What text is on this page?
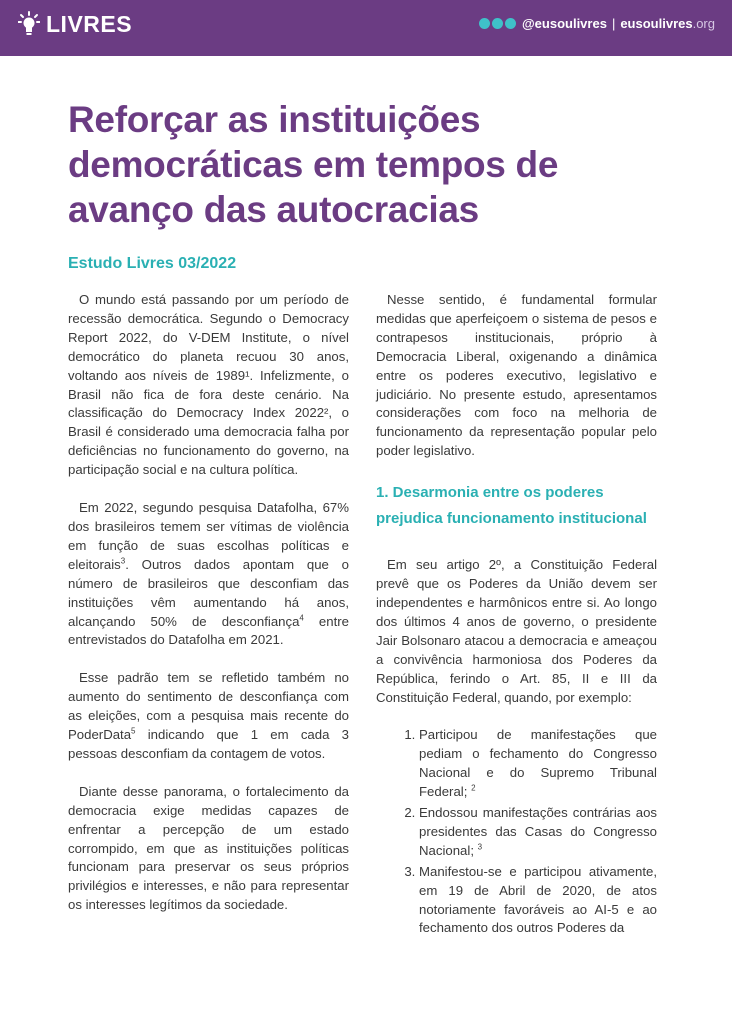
LIVRES	@eusoulivres | eusoulivres.org
Reforçar as instituições democráticas em tempos de avanço das autocracias
Estudo Livres 03/2022

O mundo está passando por um período de recessão democrática. Segundo o Democracy Report 2022, do V-DEM Institute, o nível democrático do planeta recuou 30 anos, voltando aos níveis de 1989¹. Infelizmente, o Brasil não fica de fora deste cenário. Na classificação do Democracy Index 2022², o Brasil é considerado uma democracia falha por deficiências no funcionamento do governo, na participação social e na cultura política.

Em 2022, segundo pesquisa Datafolha, 67% dos brasileiros temem ser vítimas de violência em função de suas escolhas políticas e eleitorais$^3$. Outros dados apontam que o número de brasileiros que desconfiam das instituições vêm aumentando há anos, alcançando 50% de desconfiança$^4$ entre entrevistados do Datafolha em 2021.

Esse padrão tem se refletido também no aumento do sentimento de desconfiança com as eleições, com a pesquisa mais recente do PoderData$^5$ indicando que 1 em cada 3 pessoas desconfiam da contagem de votos.

Diante desse panorama, o fortalecimento da democracia exige medidas capazes de enfrentar a percepção de um estado corrompido, em que as instituições políticas funcionam para preservar os seus próprios privilégios e interesses, e não para representar os interesses legítimos da sociedade.

Nesse sentido, é fundamental formular medidas que aperfeiçoem o sistema de pesos e contrapesos institucionais, próprio à Democracia Liberal, oxigenando a dinâmica entre os poderes executivo, legislativo e judiciário. No presente estudo, apresentamos considerações com foco na melhoria de funcionamento da representação popular pelo poder legislativo.

1. Desarmonia entre os poderes prejudica funcionamento institucional

Em seu artigo 2º, a Constituição Federal prevê que os Poderes da União devem ser independentes e harmônicos entre si. Ao longo dos últimos 4 anos de governo, o presidente Jair Bolsonaro atacou a democracia e ameaçou a convivência harmoniosa dos Poderes da República, ferindo o Art. 85, II e III da Constituição Federal, quando, por exemplo:

1. Participou de manifestações que pediam o fechamento do Congresso Nacional e do Supremo Tribunal Federal; $^2$
2. Endossou manifestações contrárias aos presidentes das Casas do Congresso Nacional; $^3$
3. Manifestou-se e participou ativamente, em 19 de Abril de 2020, de atos notoriamente favoráveis ao AI-5 e ao fechamento dos outros Poderes da
